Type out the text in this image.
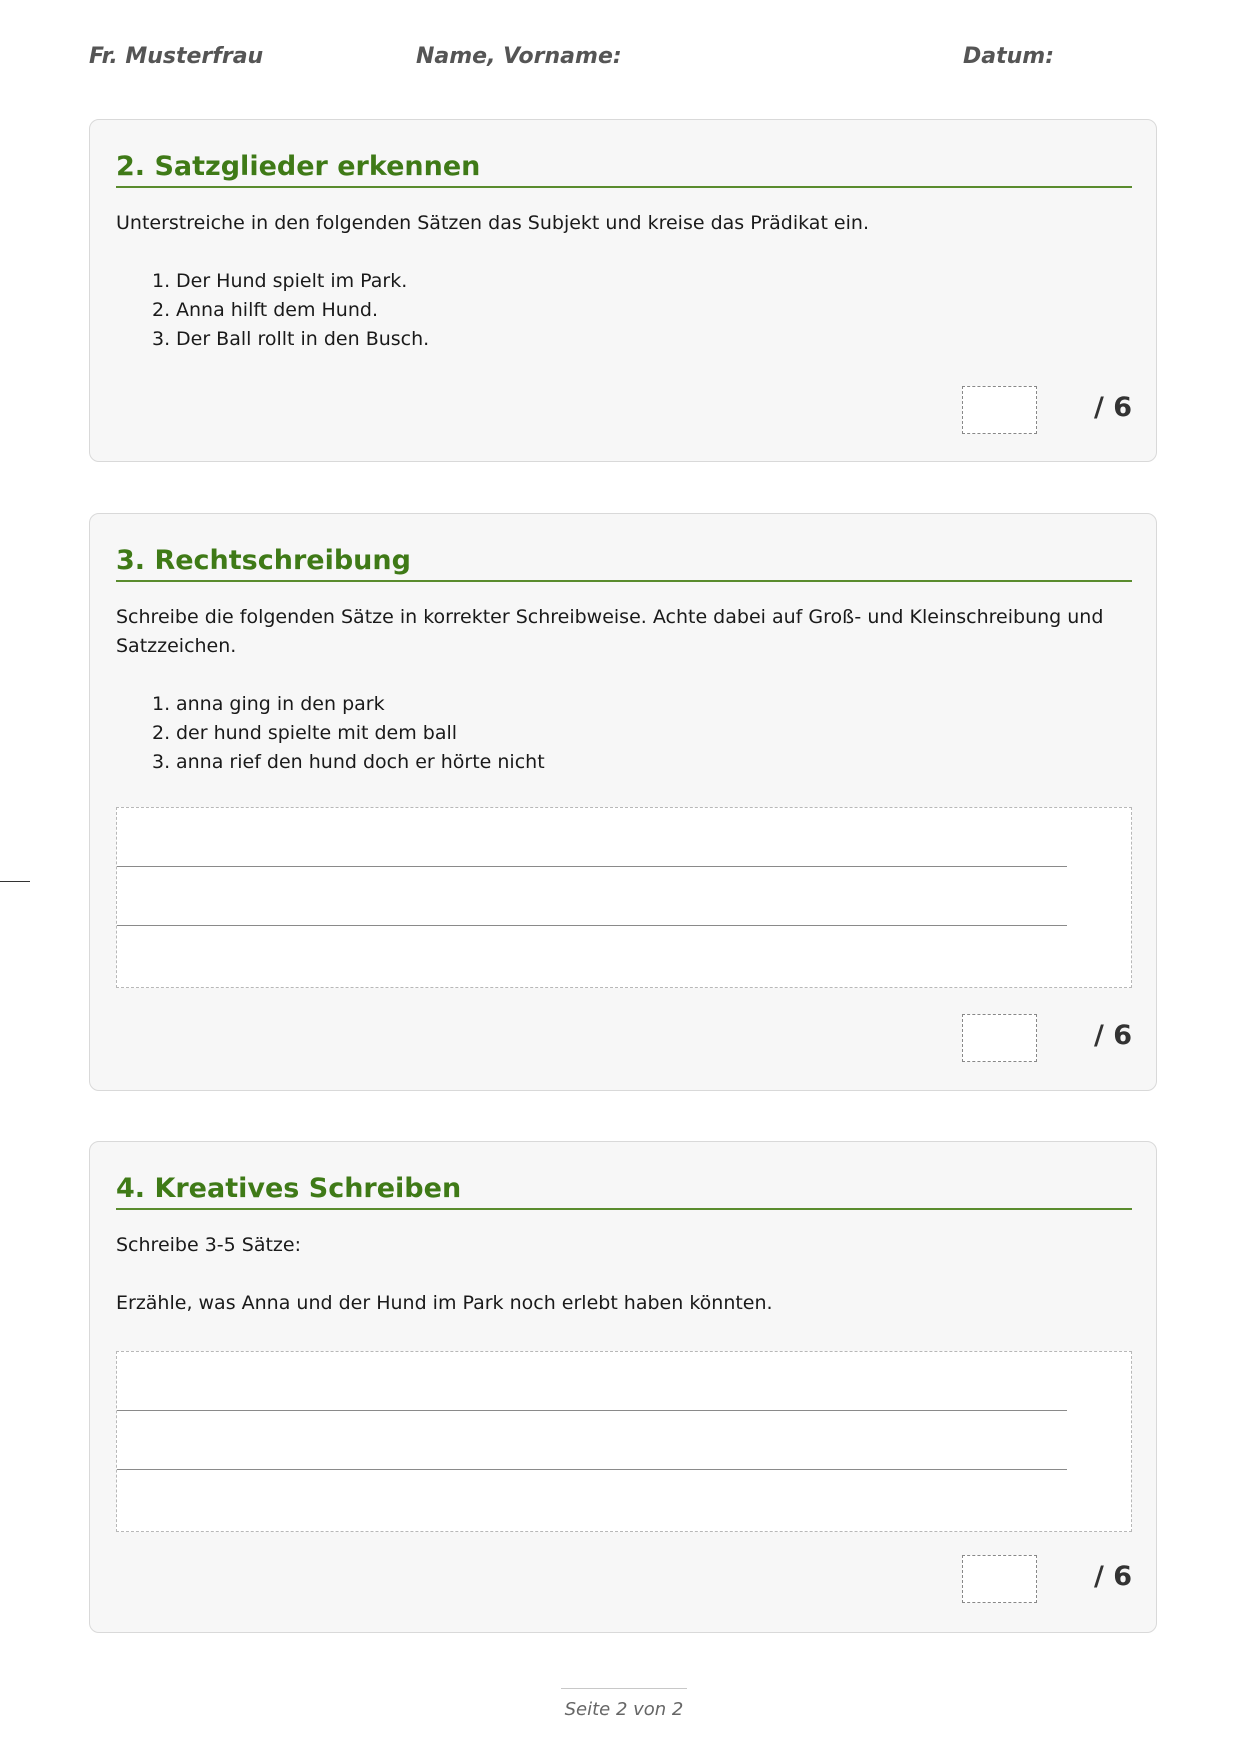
Fr. Musterfrau	Name, Vorname:	Datum:
2. Satzglieder erkennen

Unterstreiche in den folgenden Sätzen das Subjekt und kreise das Prädikat ein.

1. Der Hund spielt im Park.
2. Anna hilft dem Hund.
3. Der Ball rollt in den Busch.
/ 6
3. Rechtschreibung

Schreibe die folgenden Sätze in korrekter Schreibweise. Achte dabei auf Groß- und Kleinschreibung und Satzzeichen.

1. anna ging in den park
2. der hund spielte mit dem ball
3. anna rief den hund doch er hörte nicht
/ 6
4. Kreatives Schreiben

Schreibe 3-5 Sätze:

Erzähle, was Anna und der Hund im Park noch erlebt haben könnten.

/ 6
Seite 2 von 2
